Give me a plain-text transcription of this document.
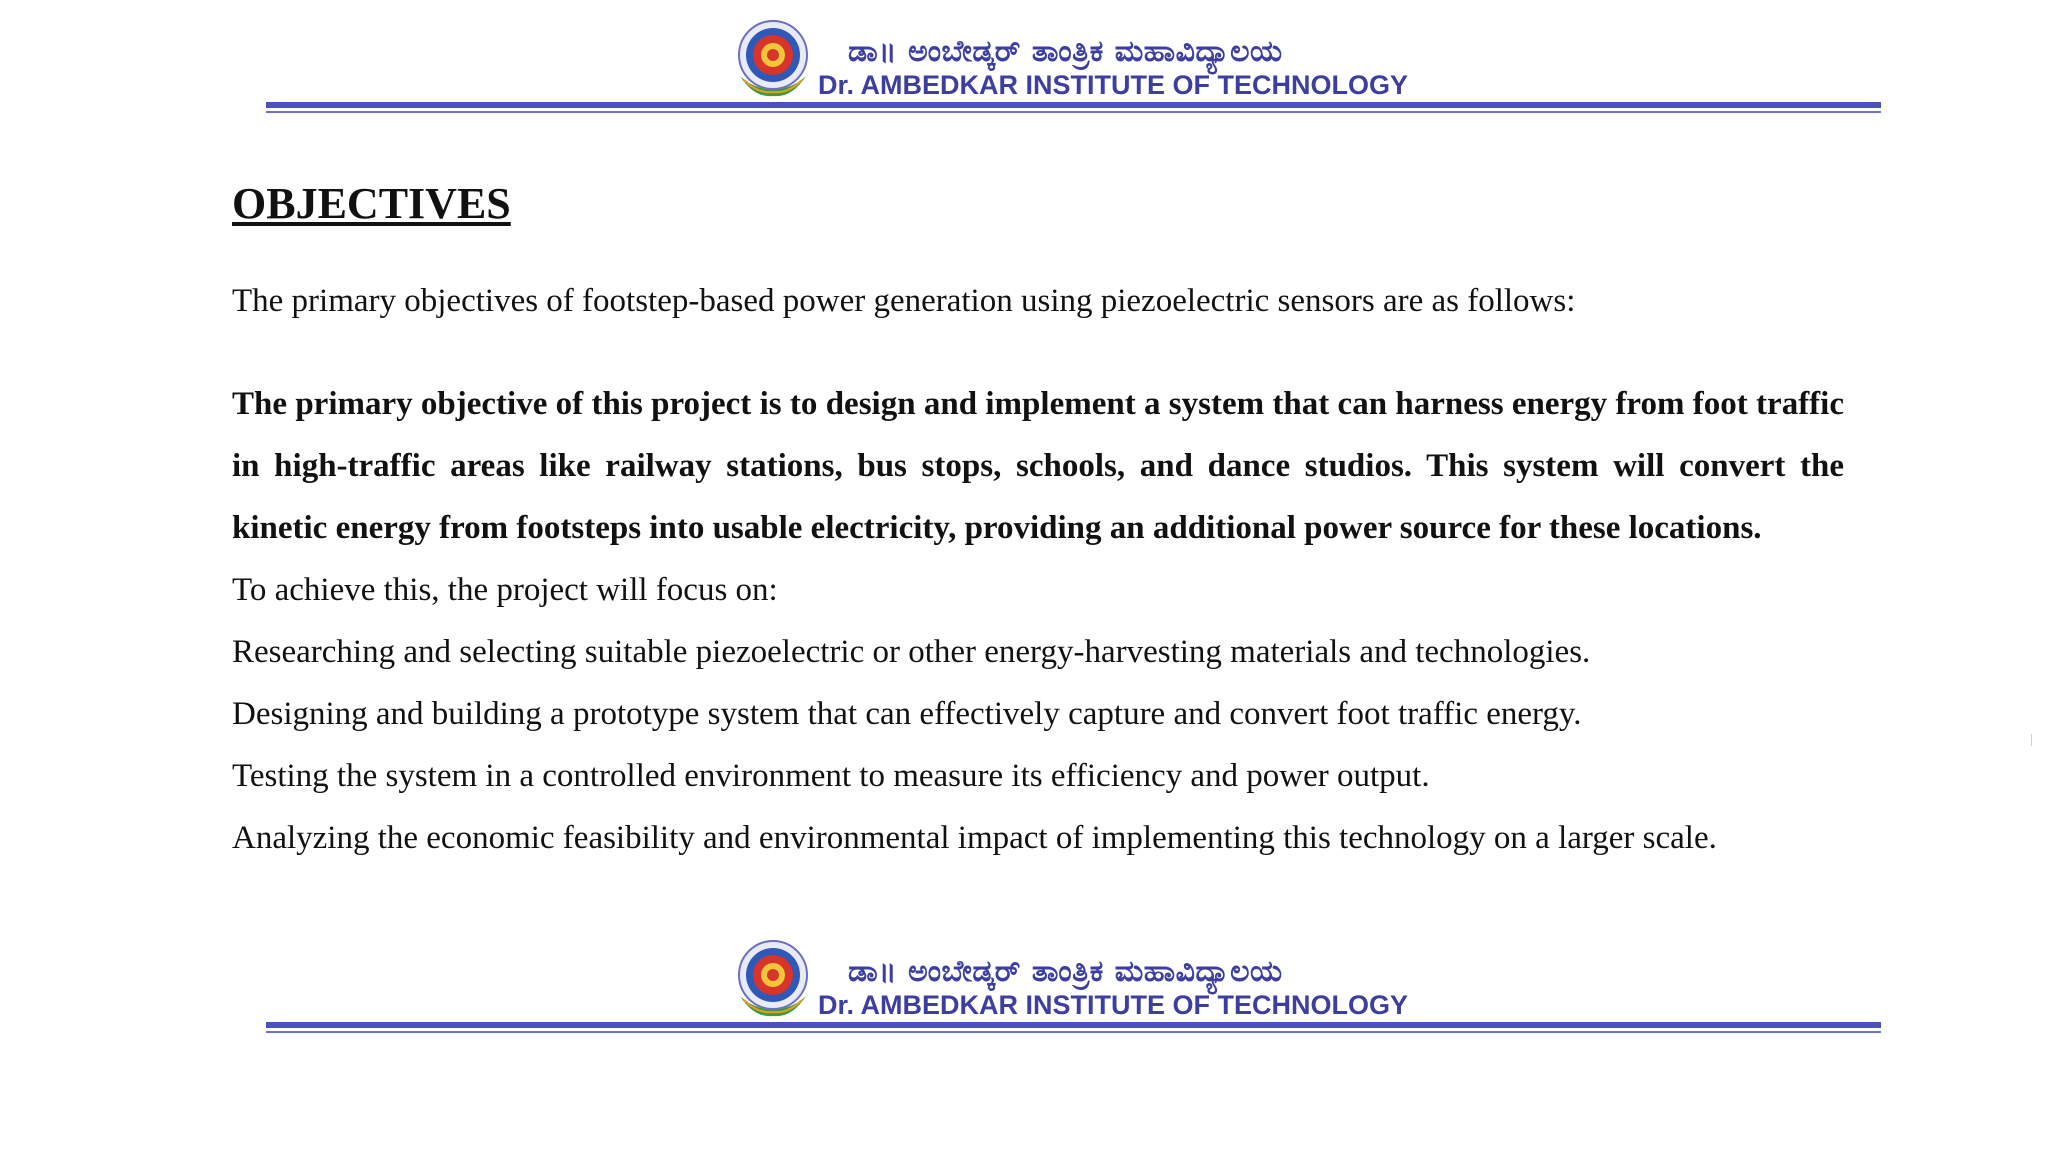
ಡಾ॥ ಅಂಬೇಡ್ಕರ್ ತಾಂತ್ರಿಕ ಮಹಾವಿದ್ಯಾಲಯ
Dr. AMBEDKAR INSTITUTE OF TECHNOLOGY
OBJECTIVES
The primary objectives of footstep-based power generation using piezoelectric sensors are as follows:
The primary objective of this project is to design and implement a system that can harness energy from foot traffic in high-traffic areas like railway stations, bus stops, schools, and dance studios. This system will convert the kinetic energy from footsteps into usable electricity, providing an additional power source for these locations.
To achieve this, the project will focus on:
Researching and selecting suitable piezoelectric or other energy-harvesting materials and technologies.
Designing and building a prototype system that can effectively capture and convert foot traffic energy.
Testing the system in a controlled environment to measure its efficiency and power output.
Analyzing the economic feasibility and environmental impact of implementing this technology on a larger scale.
ಡಾ॥ ಅಂಬೇಡ್ಕರ್ ತಾಂತ್ರಿಕ ಮಹಾವಿದ್ಯಾಲಯ
Dr. AMBEDKAR INSTITUTE OF TECHNOLOGY
